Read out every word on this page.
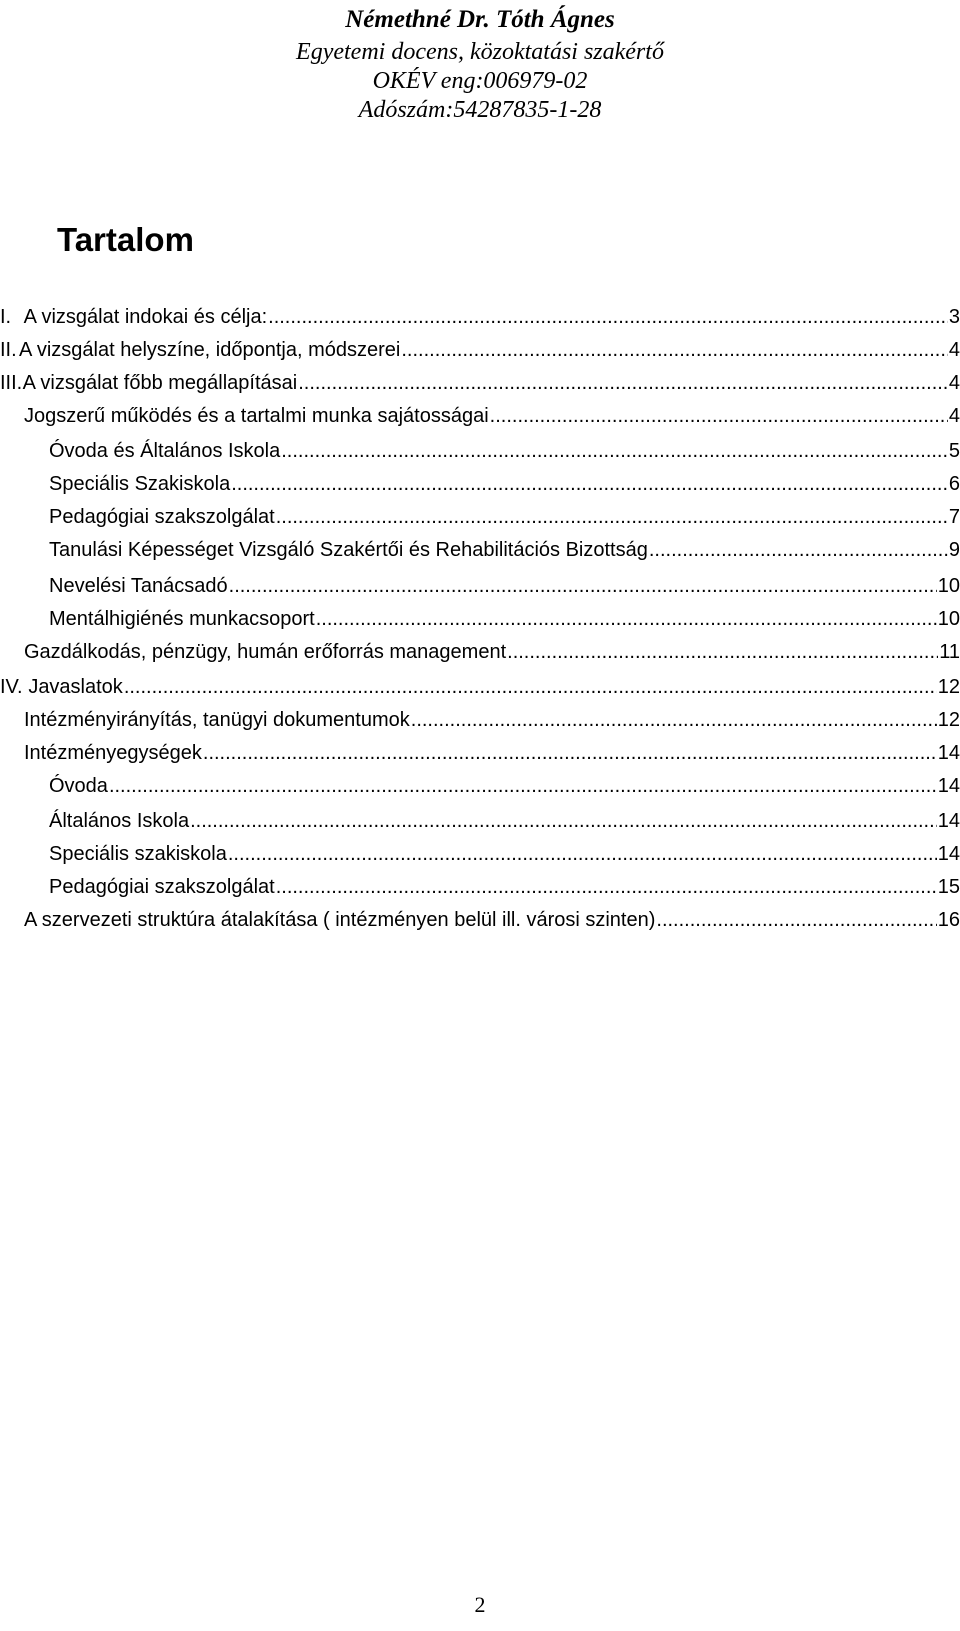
Némethné Dr. Tóth Ágnes
Egyetemi docens, közoktatási szakértő
OKÉV eng:006979-02
Adószám:54287835-1-28
Tartalom
I. A vizsgálat indokai és célja: .....	3
II. A vizsgálat helyszíne, időpontja, módszerei .....	4
III. A vizsgálat főbb megállapításai .....	4
Jogszerű működés és a tartalmi munka sajátosságai .....	4
Óvoda és Általános Iskola .....	5
Speciális Szakiskola .....	6
Pedagógiai szakszolgálat .....	7
Tanulási Képességet Vizsgáló Szakértői és Rehabilitációs Bizottság .....	9
Nevelési Tanácsadó .....	10
Mentálhigiénés munkacsoport .....	10
Gazdálkodás, pénzügy, humán erőforrás management .....	11
IV. Javaslatok .....	12
Intézményirányítás, tanügyi dokumentumok .....	12
Intézményegységek .....	14
Óvoda .....	14
Általános Iskola .....	14
Speciális szakiskola .....	14
Pedagógiai szakszolgálat .....	15
A szervezeti struktúra átalakítása ( intézményen belül ill. városi szinten) .....	16
2
